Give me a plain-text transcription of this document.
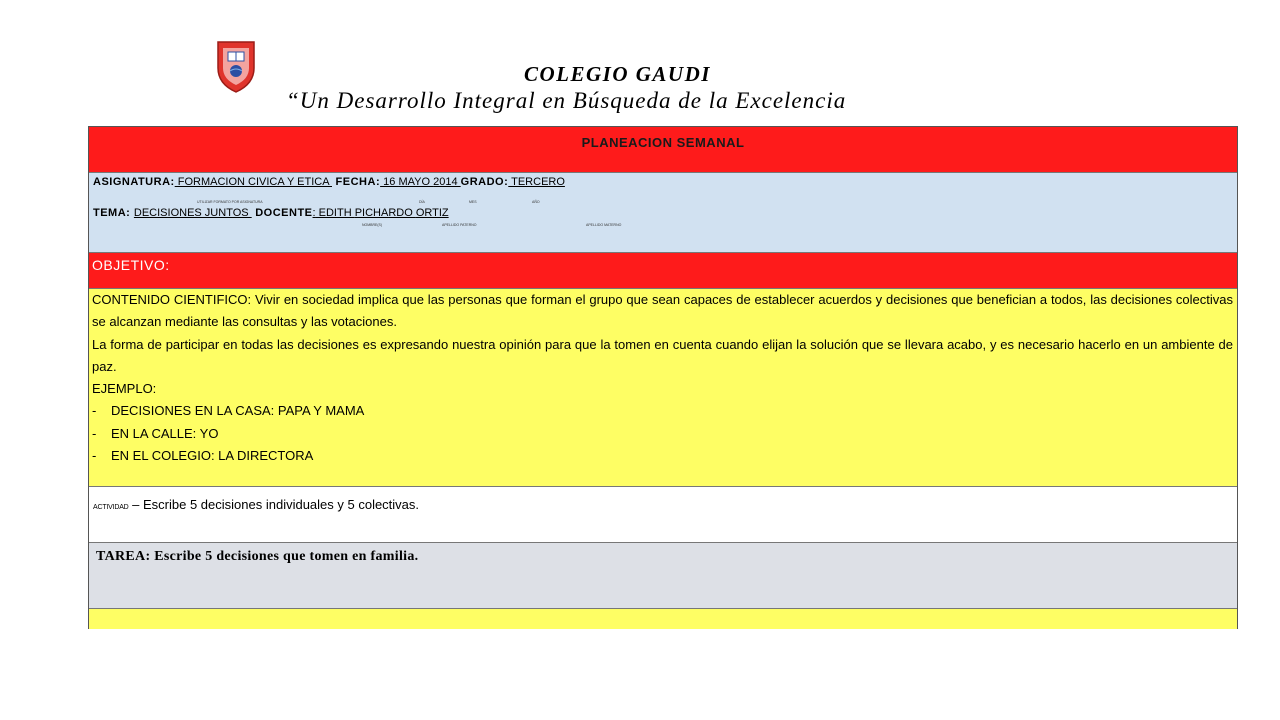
COLEGIO GAUDI
“Un Desarrollo Integral en Búsqueda de la Excelencia
PLANEACION SEMANAL
ASIGNATURA: FORMACION CIVICA Y ETICA  FECHA: 16 MAYO 2014 GRADO: TERCERO
UTILIZAR FORMATO POR ASIGNATURA	DÍA	MES	AÑO
TEMA: DECISIONES JUNTOS  DOCENTE: EDITH PICHARDO ORTIZ
NOMBRE(S)	APELLIDO PATERNO	APELLIDO MATERNO
OBJETIVO:

CONTENIDO CIENTIFICO: Vivir en sociedad implica que las personas que forman el grupo que sean capaces de establecer acuerdos y decisiones que benefician a todos, las decisiones colectivas se alcanzan mediante las consultas y las votaciones.

La forma de participar en todas las decisiones es expresando nuestra opinión para que la tomen en cuenta cuando elijan la solución que se llevara acabo, y es necesario hacerlo en un ambiente de paz.

EJEMPLO:

- DECISIONES EN LA CASA: PAPA Y MAMA
- EN LA CALLE: YO
- EN EL COLEGIO: LA DIRECTORA
ACTIVIDAD – Escribe 5 decisiones individuales y 5 colectivas.
TAREA: Escribe 5 decisiones que tomen en familia.
